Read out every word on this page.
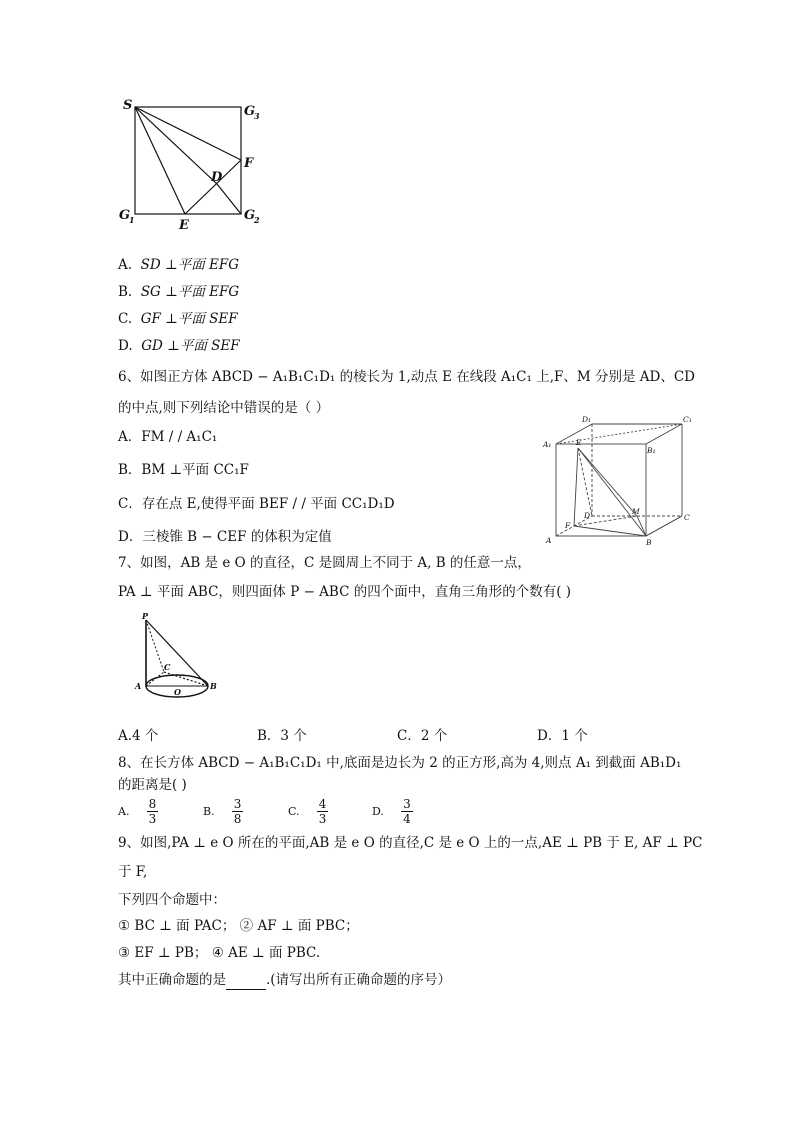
S	G
3
F
D
G
1	E
G
2
A. SD ⊥平面 EFG
B. SG ⊥平面 EFG
C. GF ⊥平面 SEF
D. GD ⊥平面 SEF
6、如图正方体 ABCD − A₁B₁C₁D₁ 的棱长为 1,动点 E 在线段 A₁C₁ 上,F、M 分别是 AD、CD
的中点,则下列结论中错误的是（ ）
A．FM / / A₁C₁
B．BM ⊥平面 CC₁F
C．存在点 E,使得平面 BEF / / 平面 CC₁D₁D
D．三棱锥 B − CEF 的体积为定值
D₁	C₁
A₁
B₁
E
D	M
F
C
A	B
7、如图，AB 是 e O 的直径，C 是圆周上不同于 A, B 的任意一点，
PA ⊥ 平面 ABC，则四面体 P − ABC 的四个面中，直角三角形的个数有( )
P
C
A
O
B
A.4 个	B．3 个	C．2 个	D．1 个
8、在长方体 ABCD − A₁B₁C₁D₁ 中,底面是边长为 2 的正方形,高为 4,则点 A₁ 到截面 AB₁D₁
的距离是( )
A. $\frac{8}{3}$	B. $\frac{3}{8}$	C. $\frac{4}{3}$	D. $\frac{3}{4}$
9、如图,PA ⊥ e O 所在的平面,AB 是 e O 的直径,C 是 e O 上的一点,AE ⊥ PB 于 E, AF ⊥ PC
于 F,
下列四个命题中：
① BC ⊥ 面 PAC； ② AF ⊥ 面 PBC；
③ EF ⊥ PB； ④ AE ⊥ 面 PBC.
其中正确命题的是	.(请写出所有正确命题的序号）
